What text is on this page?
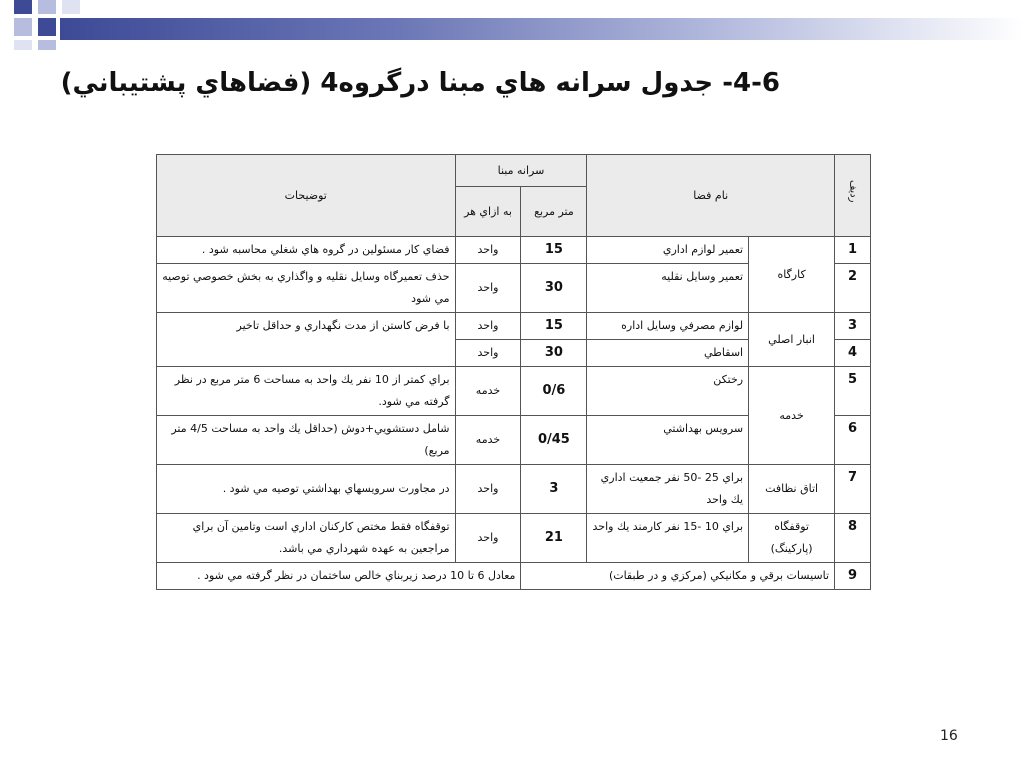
4-6- جدول سرانه هاي مبنا درگروه4 (فضاهاي پشتيباني)
رديف	نام فضا		سرانه مبنا		توضيحات
			متر مربع	به ازاي هر	
1	كارگاه	تعمير لوازم اداري	15	واحد	فضاي كار مسئولين در گروه هاي شغلي محاسبه شود .
2		تعمير وسايل نقليه	30	واحد	حذف تعميرگاه وسايل نقليه و واگذاري به بخش خصوصي توصيه مي شود
3	انبار اصلي	لوازم مصرفي وسايل اداره	15	واحد	با فرض كاستن از مدت نگهداري و حداقل تاخير
4		اسقاطي	30	واحد	
5	خدمه	رختكن	0/6	خدمه	براي كمتر از 10 نفر يك واحد به مساحت 6 متر مربع در نظر گرفته مي شود.
6		سرويس بهداشتي	0/45	خدمه	شامل دستشويي+دوش (حداقل يك واحد به مساحت 4/5 متر مربع)
7	اتاق نظافت	براي 25 -50 نفر جمعيت اداري يك واحد	3	واحد	در مجاورت سرويسهاي بهداشتي توصيه مي شود .
8	توقفگاه (پاركينگ)	براي 10 -15 نفر كارمند يك واحد	21	واحد	توقفگاه فقط مختص كاركنان اداري است وتامين آن براي مراجعين به عهده شهرداري مي باشد.
9	تاسيسات برقي و مكانيكي (مركزي و در طبقات)			معادل 6 تا 10 درصد زيربناي خالص ساختمان در نظر گرفته مي شود .	
16
